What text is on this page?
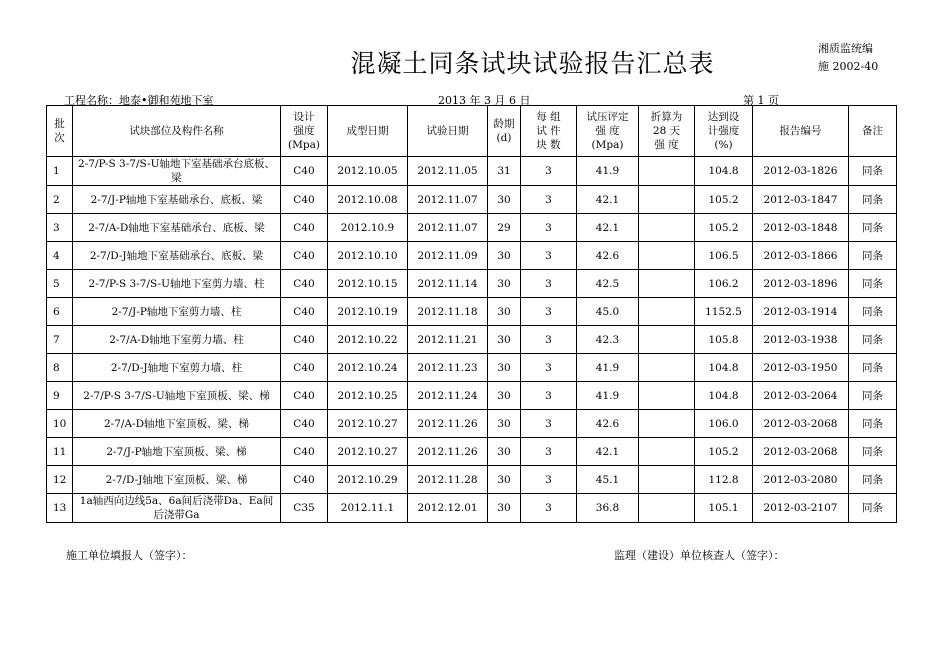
混凝土同条试块试验报告汇总表
湘质监统编
施 2002-40
工程名称：地泰•御和苑地下室	2013 年 3 月 6 日	第 1 页
批
次	试块部位及构件名称	设计
强度
(Mpa)	成型日期	试验日期	龄期
(d)	每 组
试 件
块 数	试压评定
强 度
(Mpa)	折算为
28 天
强 度	达到设
计强度
(%)	报告编号	备注
1	2-7/P-S 3-7/S-U轴地下室基础承台底板、梁	C40	2012.10.05	2012.11.05	31	3	41.9		104.8	2012-03-1826	同条
2	2-7/J-P轴地下室基础承台、底板、梁	C40	2012.10.08	2012.11.07	30	3	42.1		105.2	2012-03-1847	同条
3	2-7/A-D轴地下室基础承台、底板、梁	C40	2012.10.9	2012.11.07	29	3	42.1		105.2	2012-03-1848	同条
4	2-7/D-J轴地下室基础承台、底板、梁	C40	2012.10.10	2012.11.09	30	3	42.6		106.5	2012-03-1866	同条
5	2-7/P-S 3-7/S-U轴地下室剪力墙、柱	C40	2012.10.15	2012.11.14	30	3	42.5		106.2	2012-03-1896	同条
6	2-7/J-P轴地下室剪力墙、柱	C40	2012.10.19	2012.11.18	30	3	45.0		1152.5	2012-03-1914	同条
7	2-7/A-D轴地下室剪力墙、柱	C40	2012.10.22	2012.11.21	30	3	42.3		105.8	2012-03-1938	同条
8	2-7/D-J轴地下室剪力墙、柱	C40	2012.10.24	2012.11.23	30	3	41.9		104.8	2012-03-1950	同条
9	2-7/P-S 3-7/S-U轴地下室顶板、梁、梯	C40	2012.10.25	2012.11.24	30	3	41.9		104.8	2012-03-2064	同条
10	2-7/A-D轴地下室顶板、梁、梯	C40	2012.10.27	2012.11.26	30	3	42.6		106.0	2012-03-2068	同条
11	2-7/J-P轴地下室顶板、梁、梯	C40	2012.10.27	2012.11.26	30	3	42.1		105.2	2012-03-2068	同条
12	2-7/D-J轴地下室顶板、梁、梯	C40	2012.10.29	2012.11.28	30	3	45.1		112.8	2012-03-2080	同条
13	1a轴西向边线5a、6a间后浇带Da、Ea间后浇带Ga	C35	2012.11.1	2012.12.01	30	3	36.8		105.1	2012-03-2107	同条
施工单位填报人（签字）：	监理（建设）单位核查人（签字）：
